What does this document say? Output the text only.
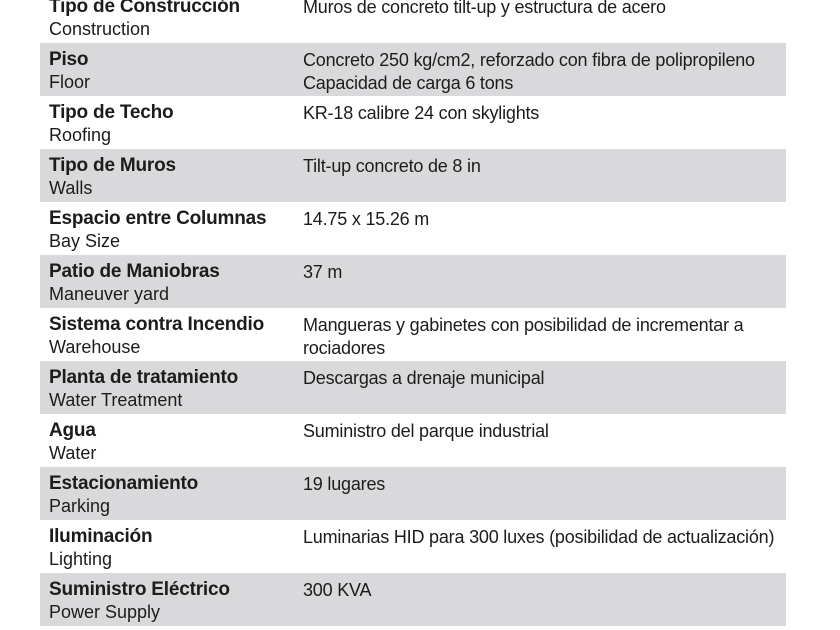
Tipo de Construcción
Construction
Muros de concreto tilt-up y estructura de acero
Piso
Floor
Concreto 250 kg/cm2, reforzado con fibra de polipropileno
Capacidad de carga 6 tons
Tipo de Techo
Roofing
KR-18 calibre 24 con skylights
Tipo de Muros
Walls
Tilt-up concreto de 8 in
Espacio entre Columnas
Bay Size
14.75 x 15.26 m
Patio de Maniobras
Maneuver yard
37 m
Sistema contra Incendio
Warehouse
Mangueras y gabinetes con posibilidad de incrementar a
rociadores
Planta de tratamiento
Water Treatment
Descargas a drenaje municipal
Agua
Water
Suministro del parque industrial
Estacionamiento
Parking
19 lugares
Iluminación
Lighting
Luminarias HID para 300 luxes (posibilidad de actualización)
Suministro Eléctrico
Power Supply
300 KVA
